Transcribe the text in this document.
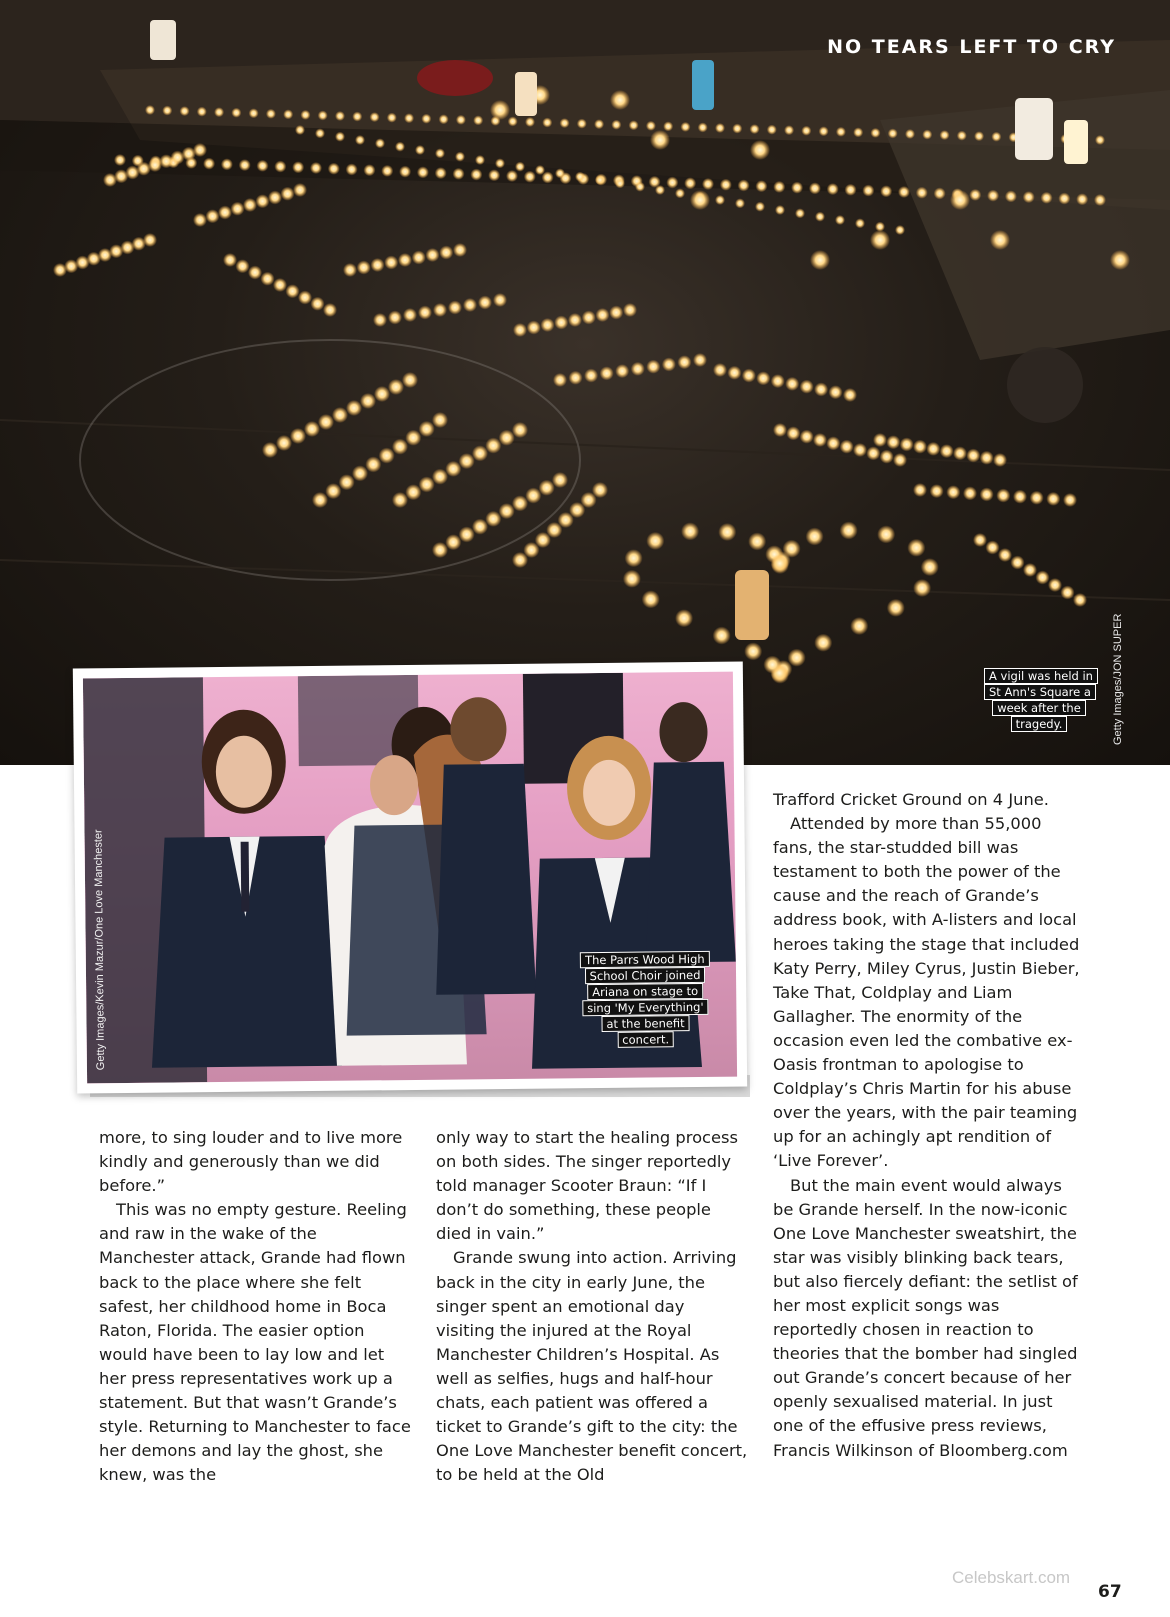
NO TEARS LEFT TO CRY
A vigil was held in St Ann's Square a week after the tragedy.	Getty Images/JON SUPER
The Parrs Wood High School Choir joined Ariana on stage to sing 'My Everything' at the benefit concert.
Getty Images/Kevin Mazur/One Love Manchester

more, to sing louder and to live more kindly and generously than we did before.”

This was no empty gesture. Reeling and raw in the wake of the Manchester attack, Grande had flown back to the place where she felt safest, her childhood home in Boca Raton, Florida. The easier option would have been to lay low and let her press representatives work up a statement. But that wasn’t Grande’s style. Returning to Manchester to face her demons and lay the ghost, she knew, was the

only way to start the healing process on both sides. The singer reportedly told manager Scooter Braun: “If I don’t do something, these people died in vain.”

Grande swung into action. Arriving back in the city in early June, the singer spent an emotional day visiting the injured at the Royal Manchester Children’s Hospital. As well as selfies, hugs and half-hour chats, each patient was offered a ticket to Grande’s gift to the city: the One Love Manchester benefit concert, to be held at the Old

Trafford Cricket Ground on 4 June.

Attended by more than 55,000 fans, the star-studded bill was testament to both the power of the cause and the reach of Grande’s address book, with A-listers and local heroes taking the stage that included Katy Perry, Miley Cyrus, Justin Bieber, Take That, Coldplay and Liam Gallagher. The enormity of the occasion even led the combative ex-Oasis frontman to apologise to Coldplay’s Chris Martin for his abuse over the years, with the pair teaming up for an achingly apt rendition of ‘Live Forever’.

But the main event would always be Grande herself. In the now-iconic One Love Manchester sweatshirt, the star was visibly blinking back tears, but also fiercely defiant: the setlist of her most explicit songs was reportedly chosen in reaction to theories that the bomber had singled out Grande’s concert because of her openly sexualised material. In just one of the effusive press reviews, Francis Wilkinson of Bloomberg.com

Celebskart.com
67
